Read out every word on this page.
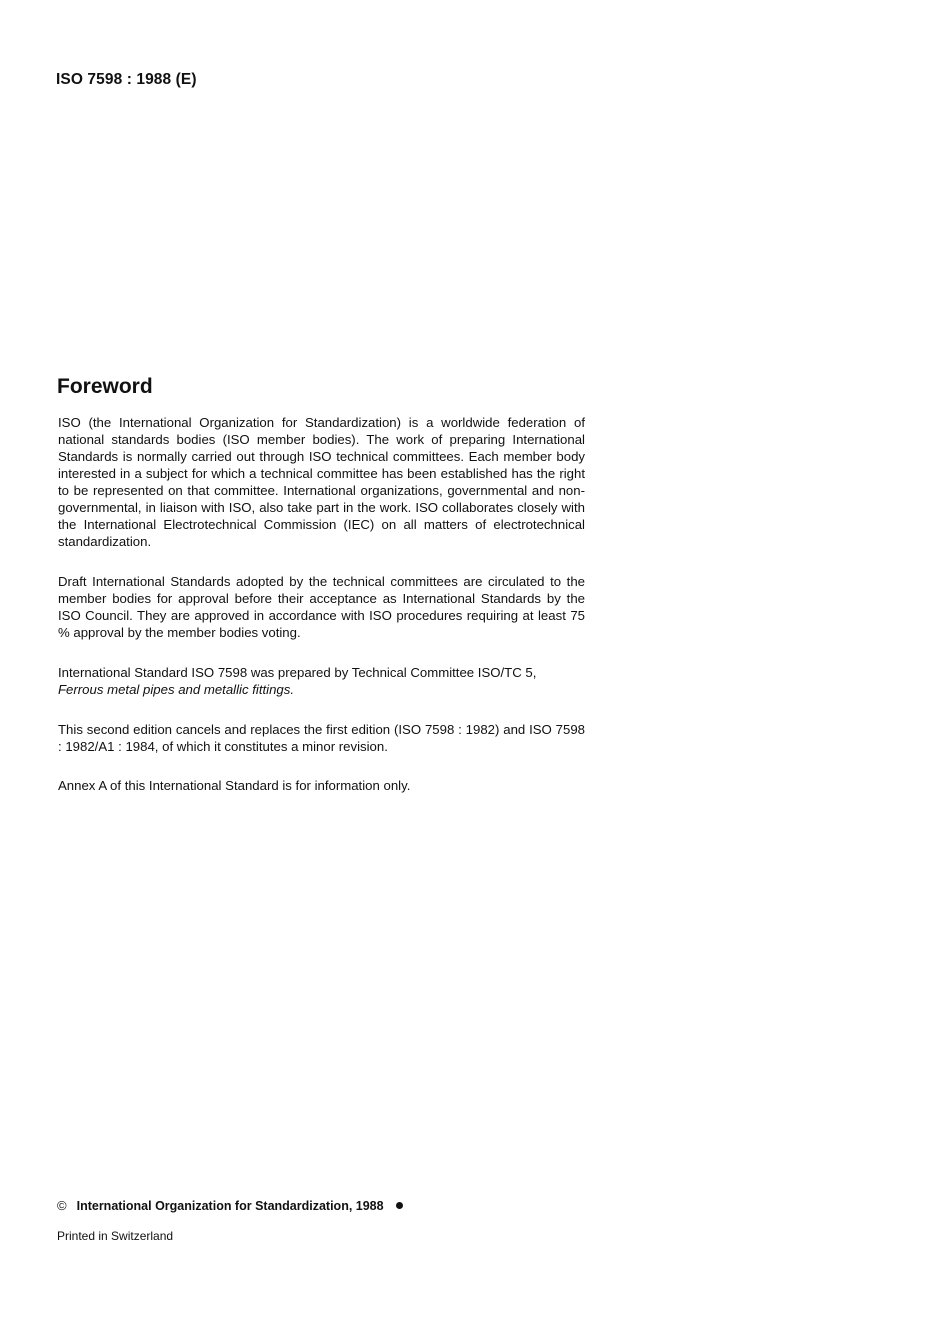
ISO 7598 : 1988 (E)
Foreword

ISO (the International Organization for Standardization) is a worldwide federation of national standards bodies (ISO member bodies). The work of preparing International Standards is normally carried out through ISO technical committees. Each member body interested in a subject for which a technical committee has been established has the right to be represented on that committee. International organizations, governmental and non-governmental, in liaison with ISO, also take part in the work. ISO collaborates closely with the International Electrotechnical Commission (IEC) on all matters of electrotechnical standardization.

Draft International Standards adopted by the technical committees are circulated to the member bodies for approval before their acceptance as International Standards by the ISO Council. They are approved in accordance with ISO procedures requiring at least 75 % approval by the member bodies voting.

International Standard ISO 7598 was prepared by Technical Committee ISO/TC 5,
Ferrous metal pipes and metallic fittings.

This second edition cancels and replaces the first edition (ISO 7598 : 1982) and ISO 7598 : 1982/A1 : 1984, of which it constitutes a minor revision.

Annex A of this International Standard is for information only.

© International Organization for Standardization, 1988
Printed in Switzerland
